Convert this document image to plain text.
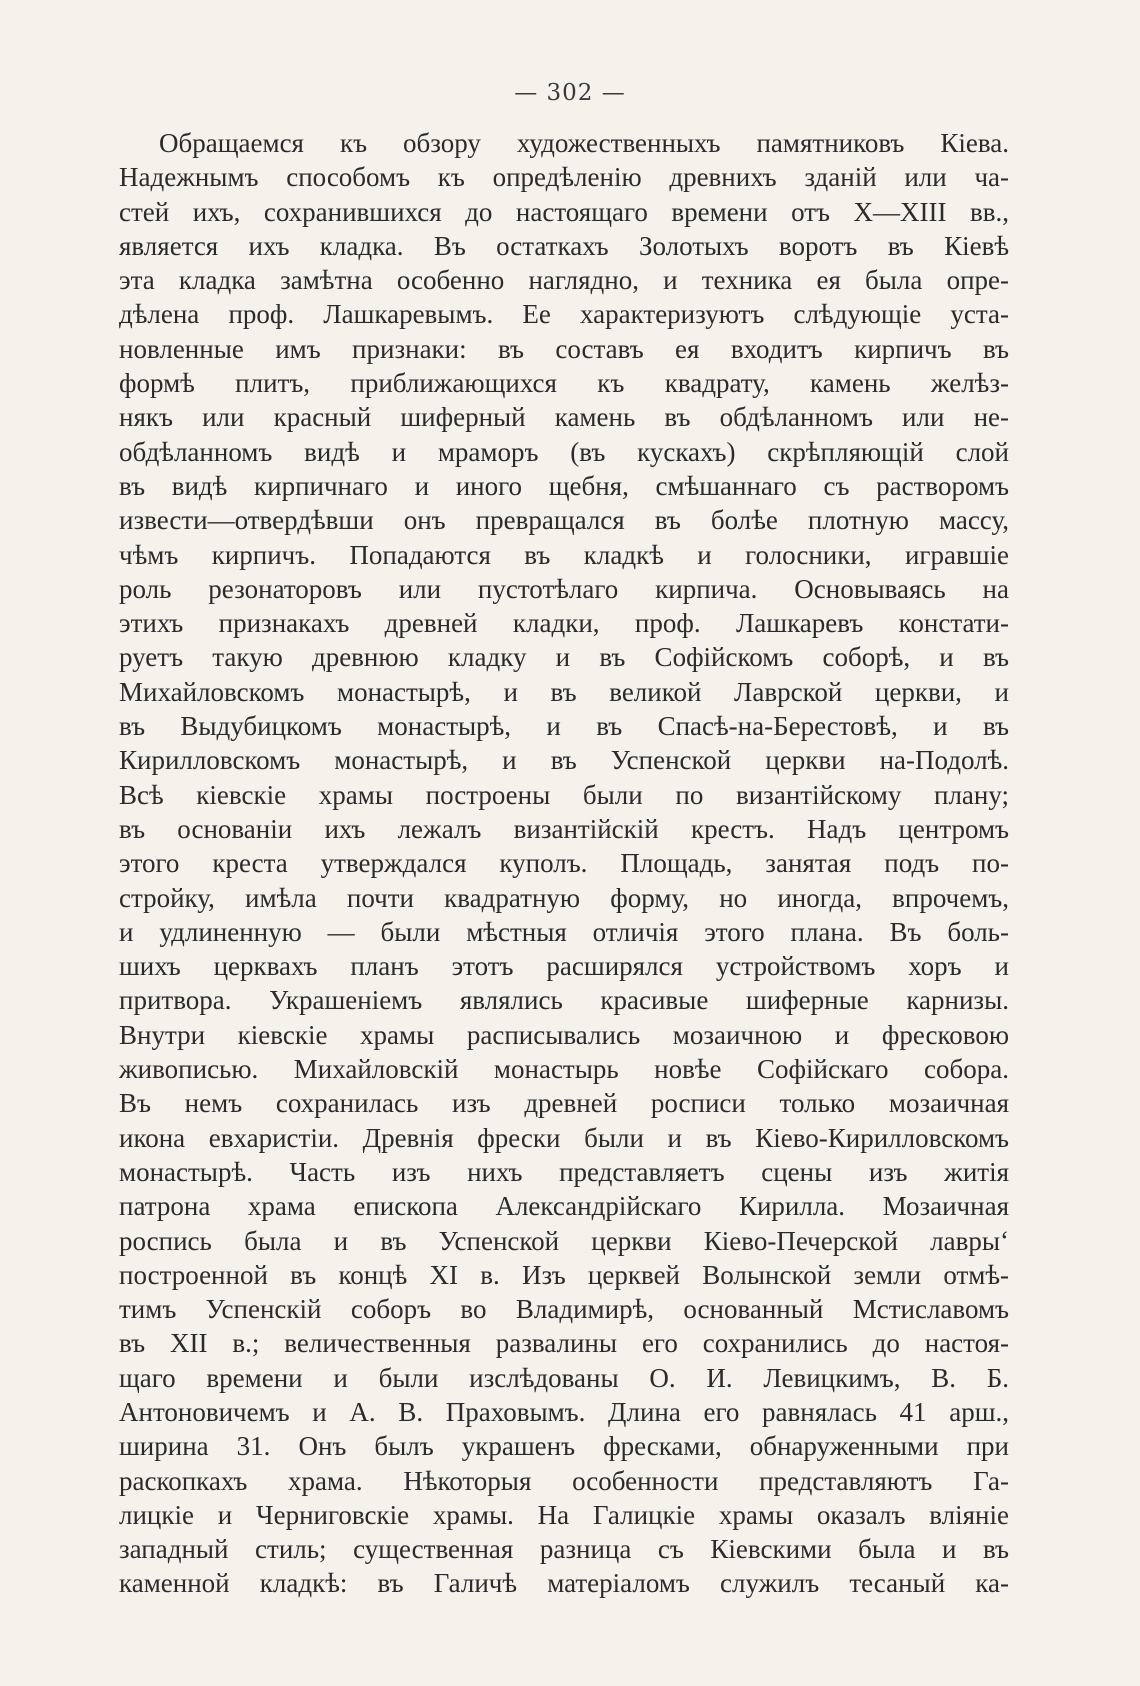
— 302 —
Обращаемся къ обзору художественныхъ памятниковъ Кіева.
Надежнымъ способомъ къ опредѣленію древнихъ зданій или ча-
стей ихъ, сохранившихся до настоящаго времени отъ X—XIII вв.,
является ихъ кладка. Въ остаткахъ Золотыхъ воротъ въ Кіевѣ
эта кладка замѣтна особенно наглядно, и техника ея была опре-
дѣлена проф. Лашкаревымъ. Ее характеризуютъ слѣдующіе уста-
новленные имъ признаки: въ составъ ея входитъ кирпичъ въ
формѣ плитъ, приближающихся къ квадрату, камень желѣз-
някъ или красный шиферный камень въ обдѣланномъ или не-
обдѣланномъ видѣ и мраморъ (въ кускахъ) скрѣпляющій слой
въ видѣ кирпичнаго и иного щебня, смѣшаннаго съ растворомъ
извести—отвердѣвши онъ превращался въ болѣе плотную массу,
чѣмъ кирпичъ. Попадаются въ кладкѣ и голосники, игравшіе
роль резонаторовъ или пустотѣлаго кирпича. Основываясь на
этихъ признакахъ древней кладки, проф. Лашкаревъ констати-
руетъ такую древнюю кладку и въ Софійскомъ соборѣ, и въ
Михайловскомъ монастырѣ, и въ великой Лаврской церкви, и
въ Выдубицкомъ монастырѣ, и въ Спасѣ-на-Берестовѣ, и въ
Кирилловскомъ монастырѣ, и въ Успенской церкви на-Подолѣ.
Всѣ кіевскіе храмы построены были по византійскому плану;
въ основаніи ихъ лежалъ византійскій крестъ. Надъ центромъ
этого креста утверждался куполъ. Площадь, занятая подъ по-
стройку, имѣла почти квадратную форму, но иногда, впрочемъ,
и удлиненную — были мѣстныя отличія этого плана. Въ боль-
шихъ церквахъ планъ этотъ расширялся устройствомъ хоръ и
притвора. Украшеніемъ являлись красивые шиферные карнизы.
Внутри кіевскіе храмы расписывались мозаичною и фресковою
живописью. Михайловскій монастырь новѣе Софійскаго собора.
Въ немъ сохранилась изъ древней росписи только мозаичная
икона евхаристіи. Древнія фрески были и въ Кіево-Кирилловскомъ
монастырѣ. Часть изъ нихъ представляетъ сцены изъ житія
патрона храма епископа Александрійскаго Кирилла. Мозаичная
роспись была и въ Успенской церкви Кіево-Печерской лавры‘
построенной въ концѣ XI в. Изъ церквей Волынской земли отмѣ-
тимъ Успенскій соборъ во Владимирѣ, основанный Мстиславомъ
въ XII в.; величественныя развалины его сохранились до настоя-
щаго времени и были изслѣдованы О. И. Левицкимъ, В. Б.
Антоновичемъ и А. В. Праховымъ. Длина его равнялась 41 арш.,
ширина 31. Онъ былъ украшенъ фресками, обнаруженными при
раскопкахъ храма. Нѣкоторыя особенности представляютъ Га-
лицкіе и Черниговскіе храмы. На Галицкіе храмы оказалъ вліяніе
западный стиль; существенная разница съ Кіевскими была и въ
каменной кладкѣ: въ Галичѣ матеріаломъ служилъ тесаный ка-
